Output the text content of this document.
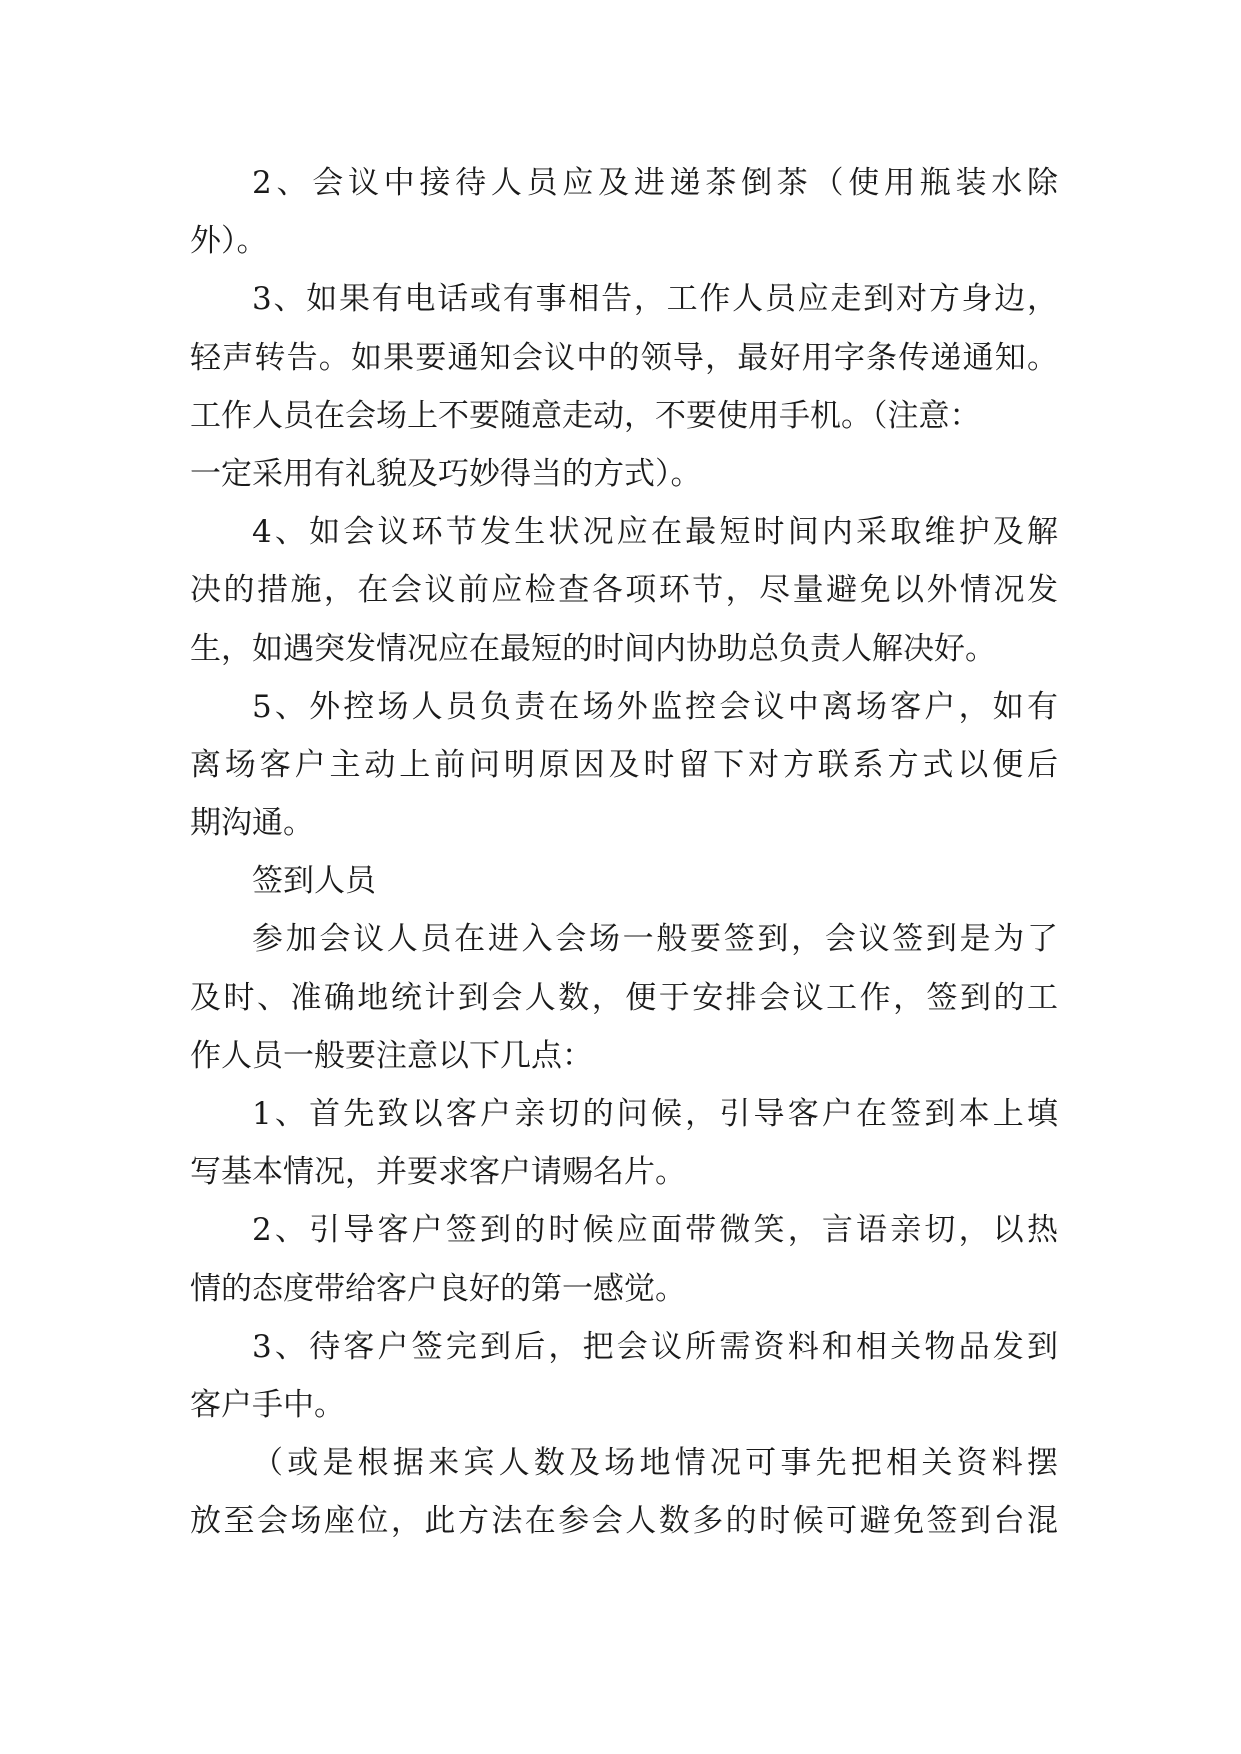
2、会议中接待人员应及进递茶倒茶（使用瓶装水除
外）。
3、如果有电话或有事相告，工作人员应走到对方身边，
轻声转告。如果要通知会议中的领导，最好用字条传递通知。
工作人员在会场上不要随意走动，不要使用手机。（注意：
一定采用有礼貌及巧妙得当的方式）。
4、如会议环节发生状况应在最短时间内采取维护及解
决的措施，在会议前应检查各项环节，尽量避免以外情况发
生，如遇突发情况应在最短的时间内协助总负责人解决好。
5、外控场人员负责在场外监控会议中离场客户，如有
离场客户主动上前问明原因及时留下对方联系方式以便后
期沟通。
签到人员
参加会议人员在进入会场一般要签到，会议签到是为了
及时、准确地统计到会人数，便于安排会议工作，签到的工
作人员一般要注意以下几点：
1、首先致以客户亲切的问候，引导客户在签到本上填
写基本情况，并要求客户请赐名片。
2、引导客户签到的时候应面带微笑，言语亲切，以热
情的态度带给客户良好的第一感觉。
3、待客户签完到后，把会议所需资料和相关物品发到
客户手中。
（或是根据来宾人数及场地情况可事先把相关资料摆
放至会场座位，此方法在参会人数多的时候可避免签到台混
